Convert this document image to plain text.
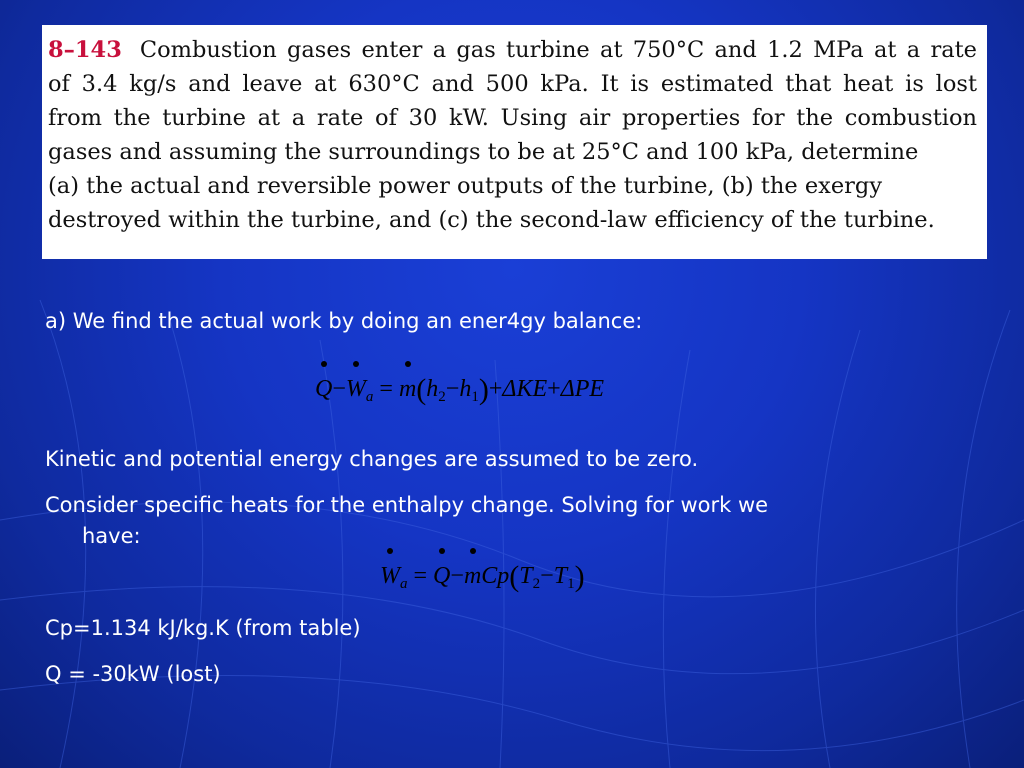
8–143 Combustion gases enter a gas turbine at 750°C and 1.2 MPa at a rate
of 3.4 kg/s and leave at 630°C and 500 kPa. It is estimated that heat is lost
from the turbine at a rate of 30 kW. Using air properties for the combustion
gases and assuming the surroundings to be at 25°C and 100 kPa, determine
(a) the actual and reversible power outputs of the turbine, (b) the exergy
destroyed within the turbine, and (c) the second-law efficiency of the turbine.
a) We find the actual work by doing an ener4gy balance:
Q−
$W_a = m(h_2-h_1)+\Delta KE+\Delta PE$
Kinetic and potential energy changes are assumed to be zero.
Consider specific heats for the enthalpy change. Solving for work we
have:
$W_a = Q-$
$mCp(T_2-T_1)$
Cp=1.134 kJ/kg.K (from table)
Q = -30kW (lost)
